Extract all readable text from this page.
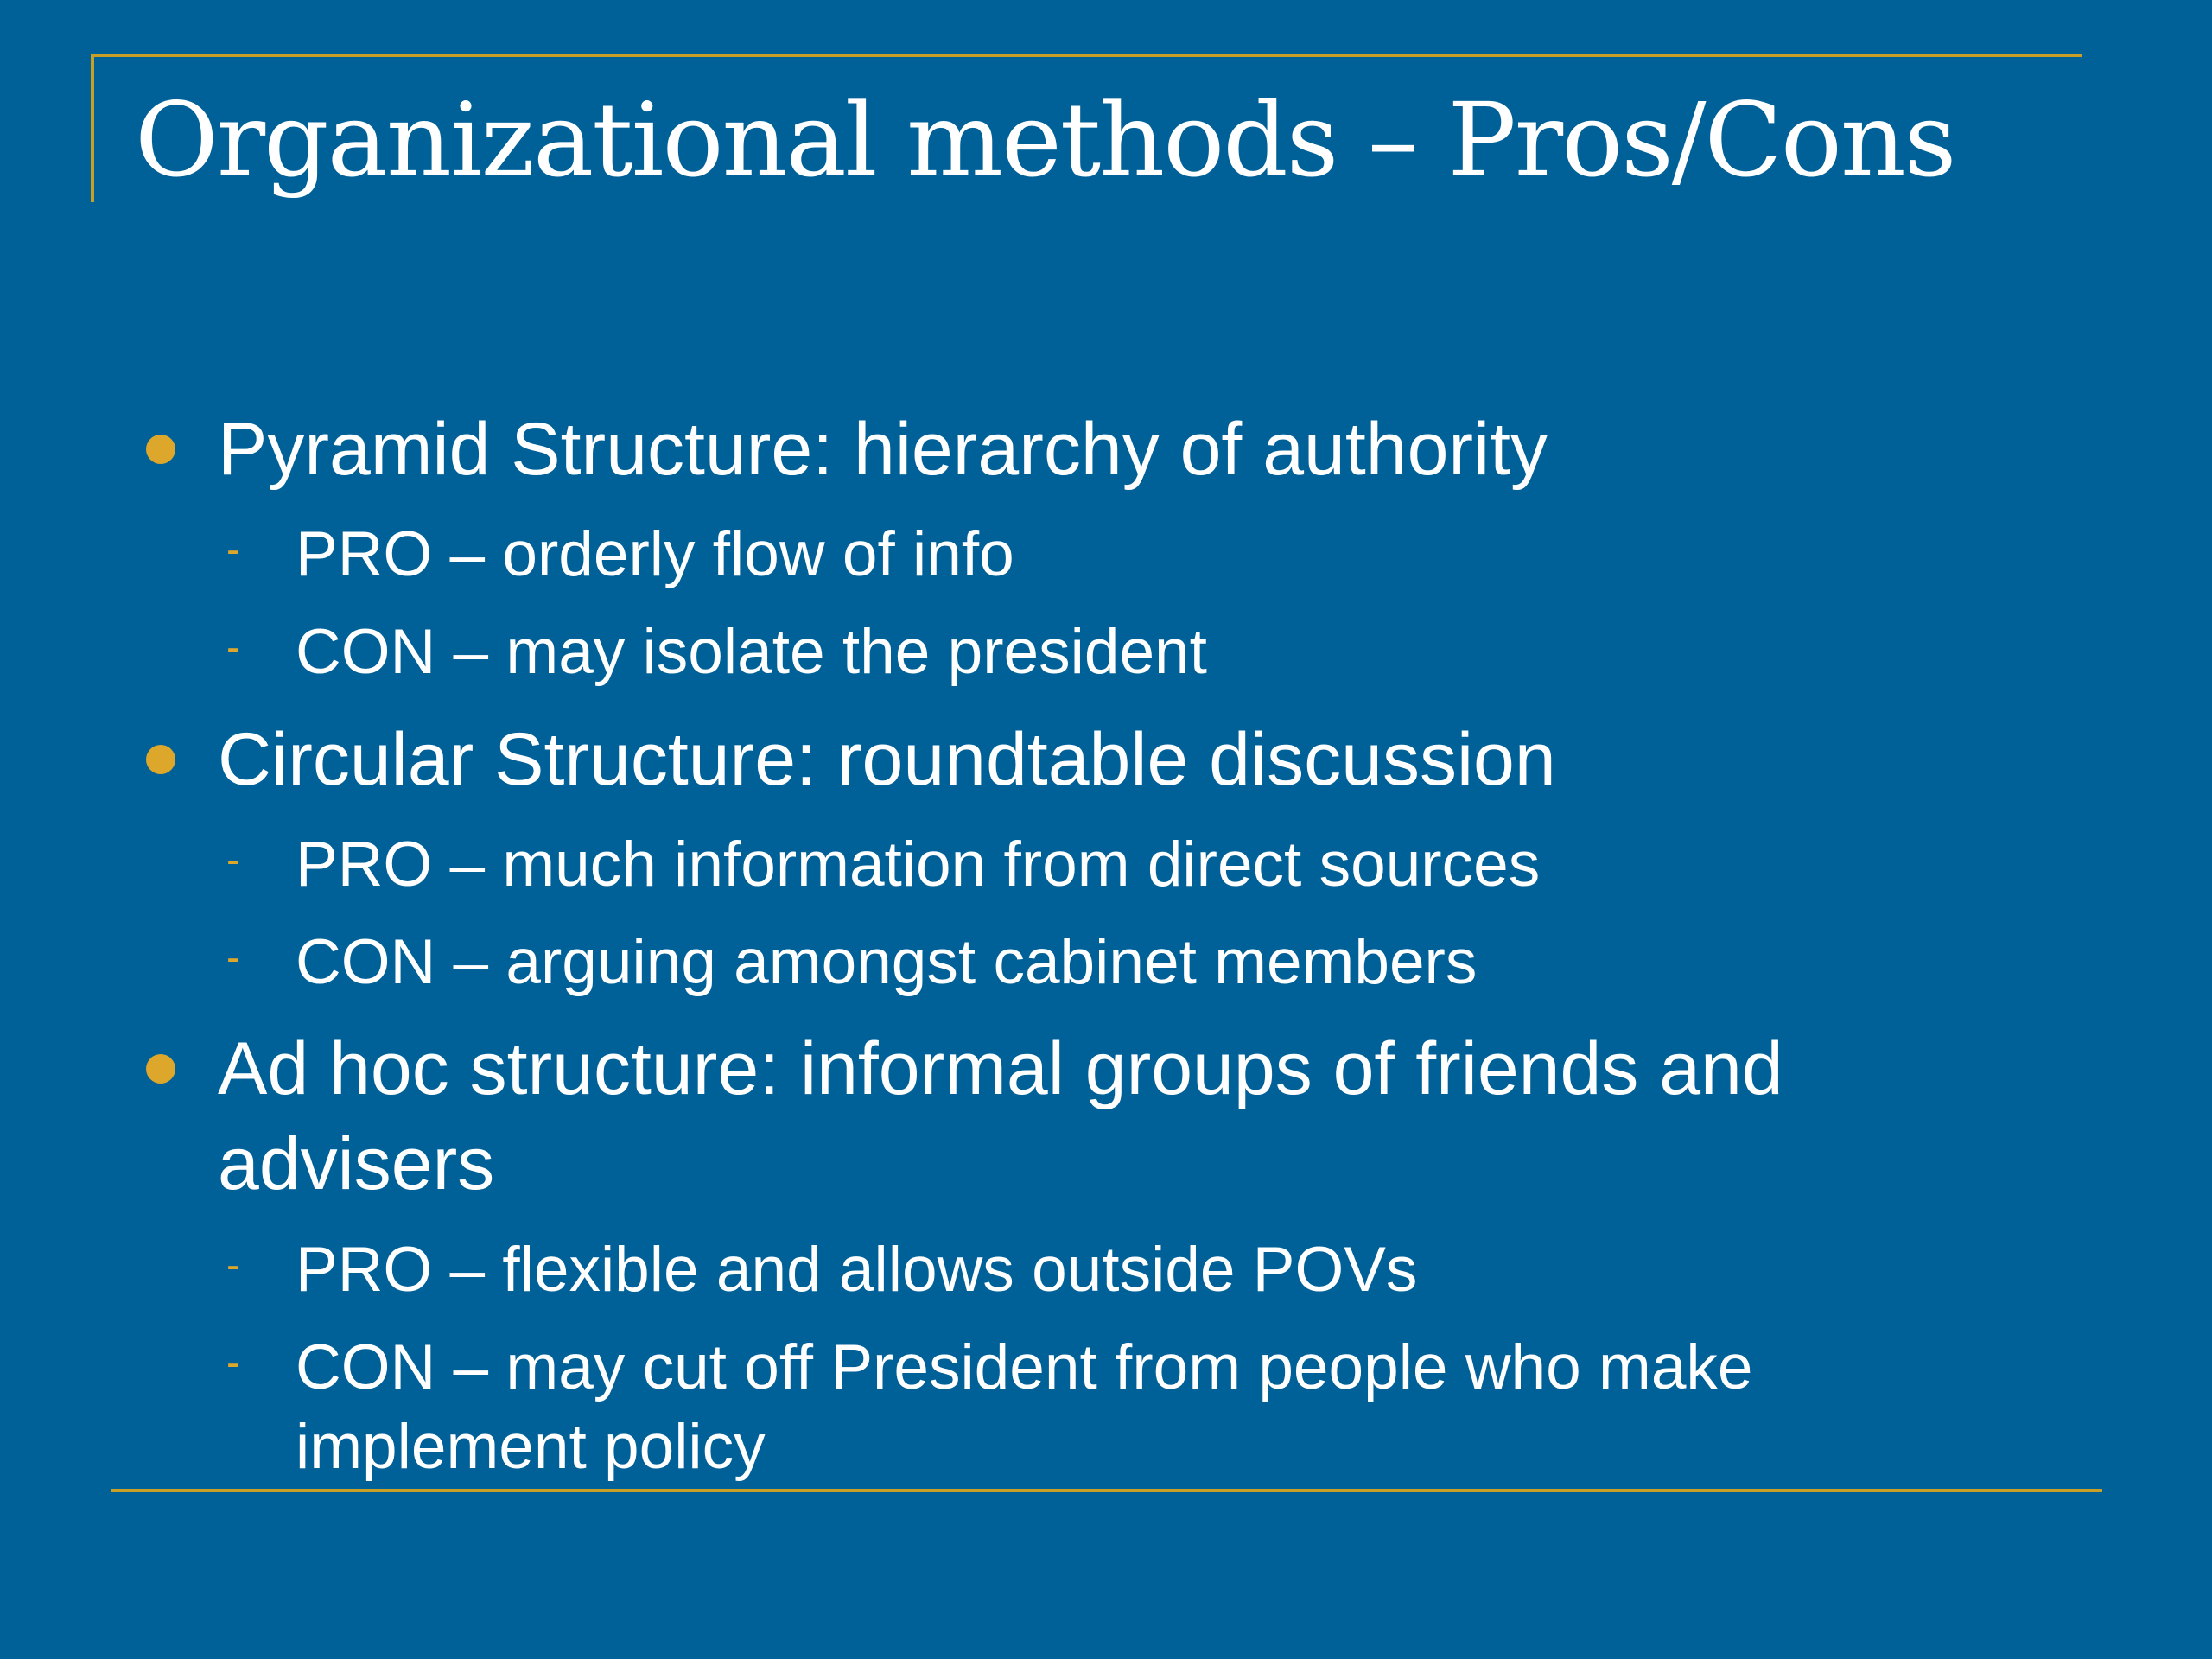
Organizational methods – Pros/Cons

Pyramid Structure: hierarchy of authority

- PRO – orderly flow of info

- CON – may isolate the president

Circular Structure: roundtable discussion

- PRO – much information from direct sources

- CON – arguing amongst cabinet members

Ad hoc structure: informal groups of friends and

advisers

- PRO – flexible and allows outside POVs

- CON – may cut off President from people who make

implement policy
